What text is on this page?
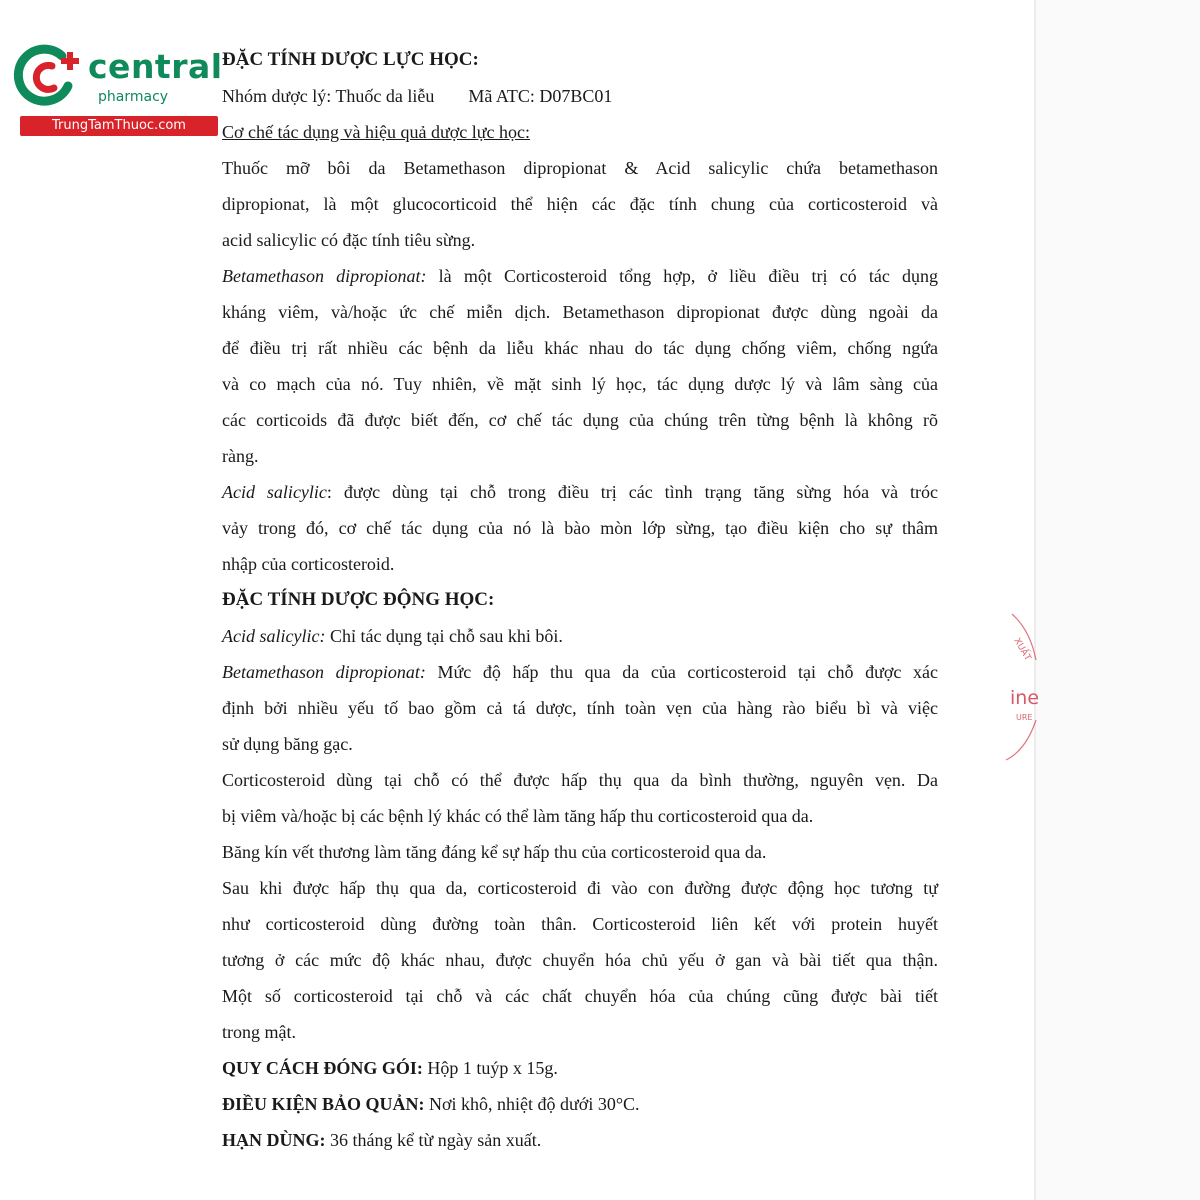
central
pharmacy
TrungTamThuoc.com
ĐẶC TÍNH DƯỢC LỰC HỌC:
Nhóm dược lý: Thuốc da liễu Mã ATC: D07BC01
Cơ chế tác dụng và hiệu quả dược lực học:
Thuốc mỡ bôi da Betamethason dipropionat & Acid salicylic chứa betamethason
dipropionat, là một glucocorticoid thể hiện các đặc tính chung của corticosteroid và
acid salicylic có đặc tính tiêu sừng.
Betamethason dipropionat: là một Corticosteroid tổng hợp, ở liều điều trị có tác dụng
kháng viêm, và/hoặc ức chế miễn dịch. Betamethason dipropionat được dùng ngoài da
để điều trị rất nhiều các bệnh da liễu khác nhau do tác dụng chống viêm, chống ngứa
và co mạch của nó. Tuy nhiên, về mặt sinh lý học, tác dụng dược lý và lâm sàng của
các corticoids đã được biết đến, cơ chế tác dụng của chúng trên từng bệnh là không rõ
ràng.
Acid salicylic: được dùng tại chỗ trong điều trị các tình trạng tăng sừng hóa và tróc
vảy trong đó, cơ chế tác dụng của nó là bào mòn lớp sừng, tạo điều kiện cho sự thâm
nhập của corticosteroid.
ĐẶC TÍNH DƯỢC ĐỘNG HỌC:
Acid salicylic: Chỉ tác dụng tại chỗ sau khi bôi.
Betamethason dipropionat: Mức độ hấp thu qua da của corticosteroid tại chỗ được xác
định bởi nhiều yếu tố bao gồm cả tá dược, tính toàn vẹn của hàng rào biểu bì và việc
sử dụng băng gạc.
Corticosteroid dùng tại chỗ có thể được hấp thụ qua da bình thường, nguyên vẹn. Da
bị viêm và/hoặc bị các bệnh lý khác có thể làm tăng hấp thu corticosteroid qua da.
Băng kín vết thương làm tăng đáng kể sự hấp thu của corticosteroid qua da.
Sau khi được hấp thụ qua da, corticosteroid đi vào con đường được động học tương tự
như corticosteroid dùng đường toàn thân. Corticosteroid liên kết với protein huyết
tương ở các mức độ khác nhau, được chuyển hóa chủ yếu ở gan và bài tiết qua thận.
Một số corticosteroid tại chỗ và các chất chuyển hóa của chúng cũng được bài tiết
trong mật.
QUY CÁCH ĐÓNG GÓI: Hộp 1 tuýp x 15g.
ĐIỀU KIỆN BẢO QUẢN: Nơi khô, nhiệt độ dưới 30°C.
HẠN DÙNG: 36 tháng kể từ ngày sản xuất.
XUẤT
ine
URE
